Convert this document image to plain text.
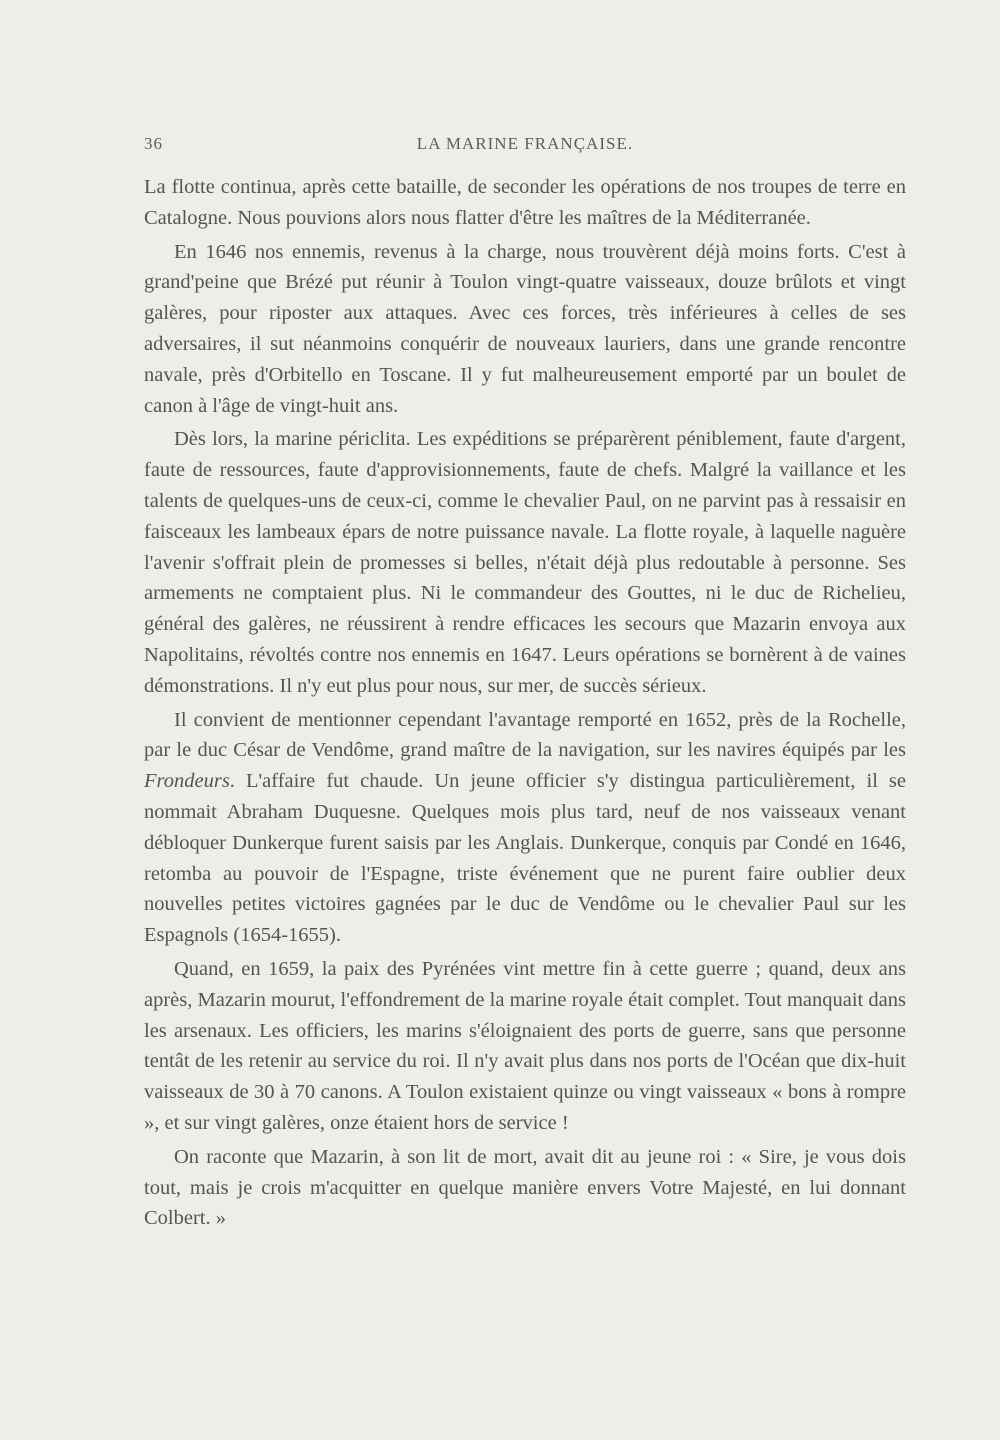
36	LA MARINE FRANÇAISE.

La flotte continua, après cette bataille, de seconder les opérations de nos troupes de terre en Catalogne. Nous pouvions alors nous flatter d'être les maîtres de la Méditerranée.

En 1646 nos ennemis, revenus à la charge, nous trouvèrent déjà moins forts. C'est à grand'peine que Brézé put réunir à Toulon vingt-quatre vaisseaux, douze brûlots et vingt galères, pour riposter aux attaques. Avec ces forces, très inférieures à celles de ses adversaires, il sut néanmoins conquérir de nouveaux lauriers, dans une grande rencontre navale, près d'Orbitello en Toscane. Il y fut malheureusement emporté par un boulet de canon à l'âge de vingt-huit ans.

Dès lors, la marine périclita. Les expéditions se préparèrent péniblement, faute d'argent, faute de ressources, faute d'approvisionnements, faute de chefs. Malgré la vaillance et les talents de quelques-uns de ceux-ci, comme le chevalier Paul, on ne parvint pas à ressaisir en faisceaux les lambeaux épars de notre puissance navale. La flotte royale, à laquelle naguère l'avenir s'offrait plein de promesses si belles, n'était déjà plus redoutable à personne. Ses armements ne comptaient plus. Ni le commandeur des Gouttes, ni le duc de Richelieu, général des galères, ne réussirent à rendre efficaces les secours que Mazarin envoya aux Napolitains, révoltés contre nos ennemis en 1647. Leurs opérations se bornèrent à de vaines démonstrations. Il n'y eut plus pour nous, sur mer, de succès sérieux.

Il convient de mentionner cependant l'avantage remporté en 1652, près de la Rochelle, par le duc César de Vendôme, grand maître de la navigation, sur les navires équipés par les Frondeurs. L'affaire fut chaude. Un jeune officier s'y distingua particulièrement, il se nommait Abraham Duquesne. Quelques mois plus tard, neuf de nos vaisseaux venant débloquer Dunkerque furent saisis par les Anglais. Dunkerque, conquis par Condé en 1646, retomba au pouvoir de l'Espagne, triste événement que ne purent faire oublier deux nouvelles petites victoires gagnées par le duc de Vendôme ou le chevalier Paul sur les Espagnols (1654-1655).

Quand, en 1659, la paix des Pyrénées vint mettre fin à cette guerre ; quand, deux ans après, Mazarin mourut, l'effondrement de la marine royale était complet. Tout manquait dans les arsenaux. Les officiers, les marins s'éloignaient des ports de guerre, sans que personne tentât de les retenir au service du roi. Il n'y avait plus dans nos ports de l'Océan que dix-huit vaisseaux de 30 à 70 canons. A Toulon existaient quinze ou vingt vaisseaux « bons à rompre », et sur vingt galères, onze étaient hors de service !

On raconte que Mazarin, à son lit de mort, avait dit au jeune roi : « Sire, je vous dois tout, mais je crois m'acquitter en quelque manière envers Votre Majesté, en lui donnant Colbert. »
